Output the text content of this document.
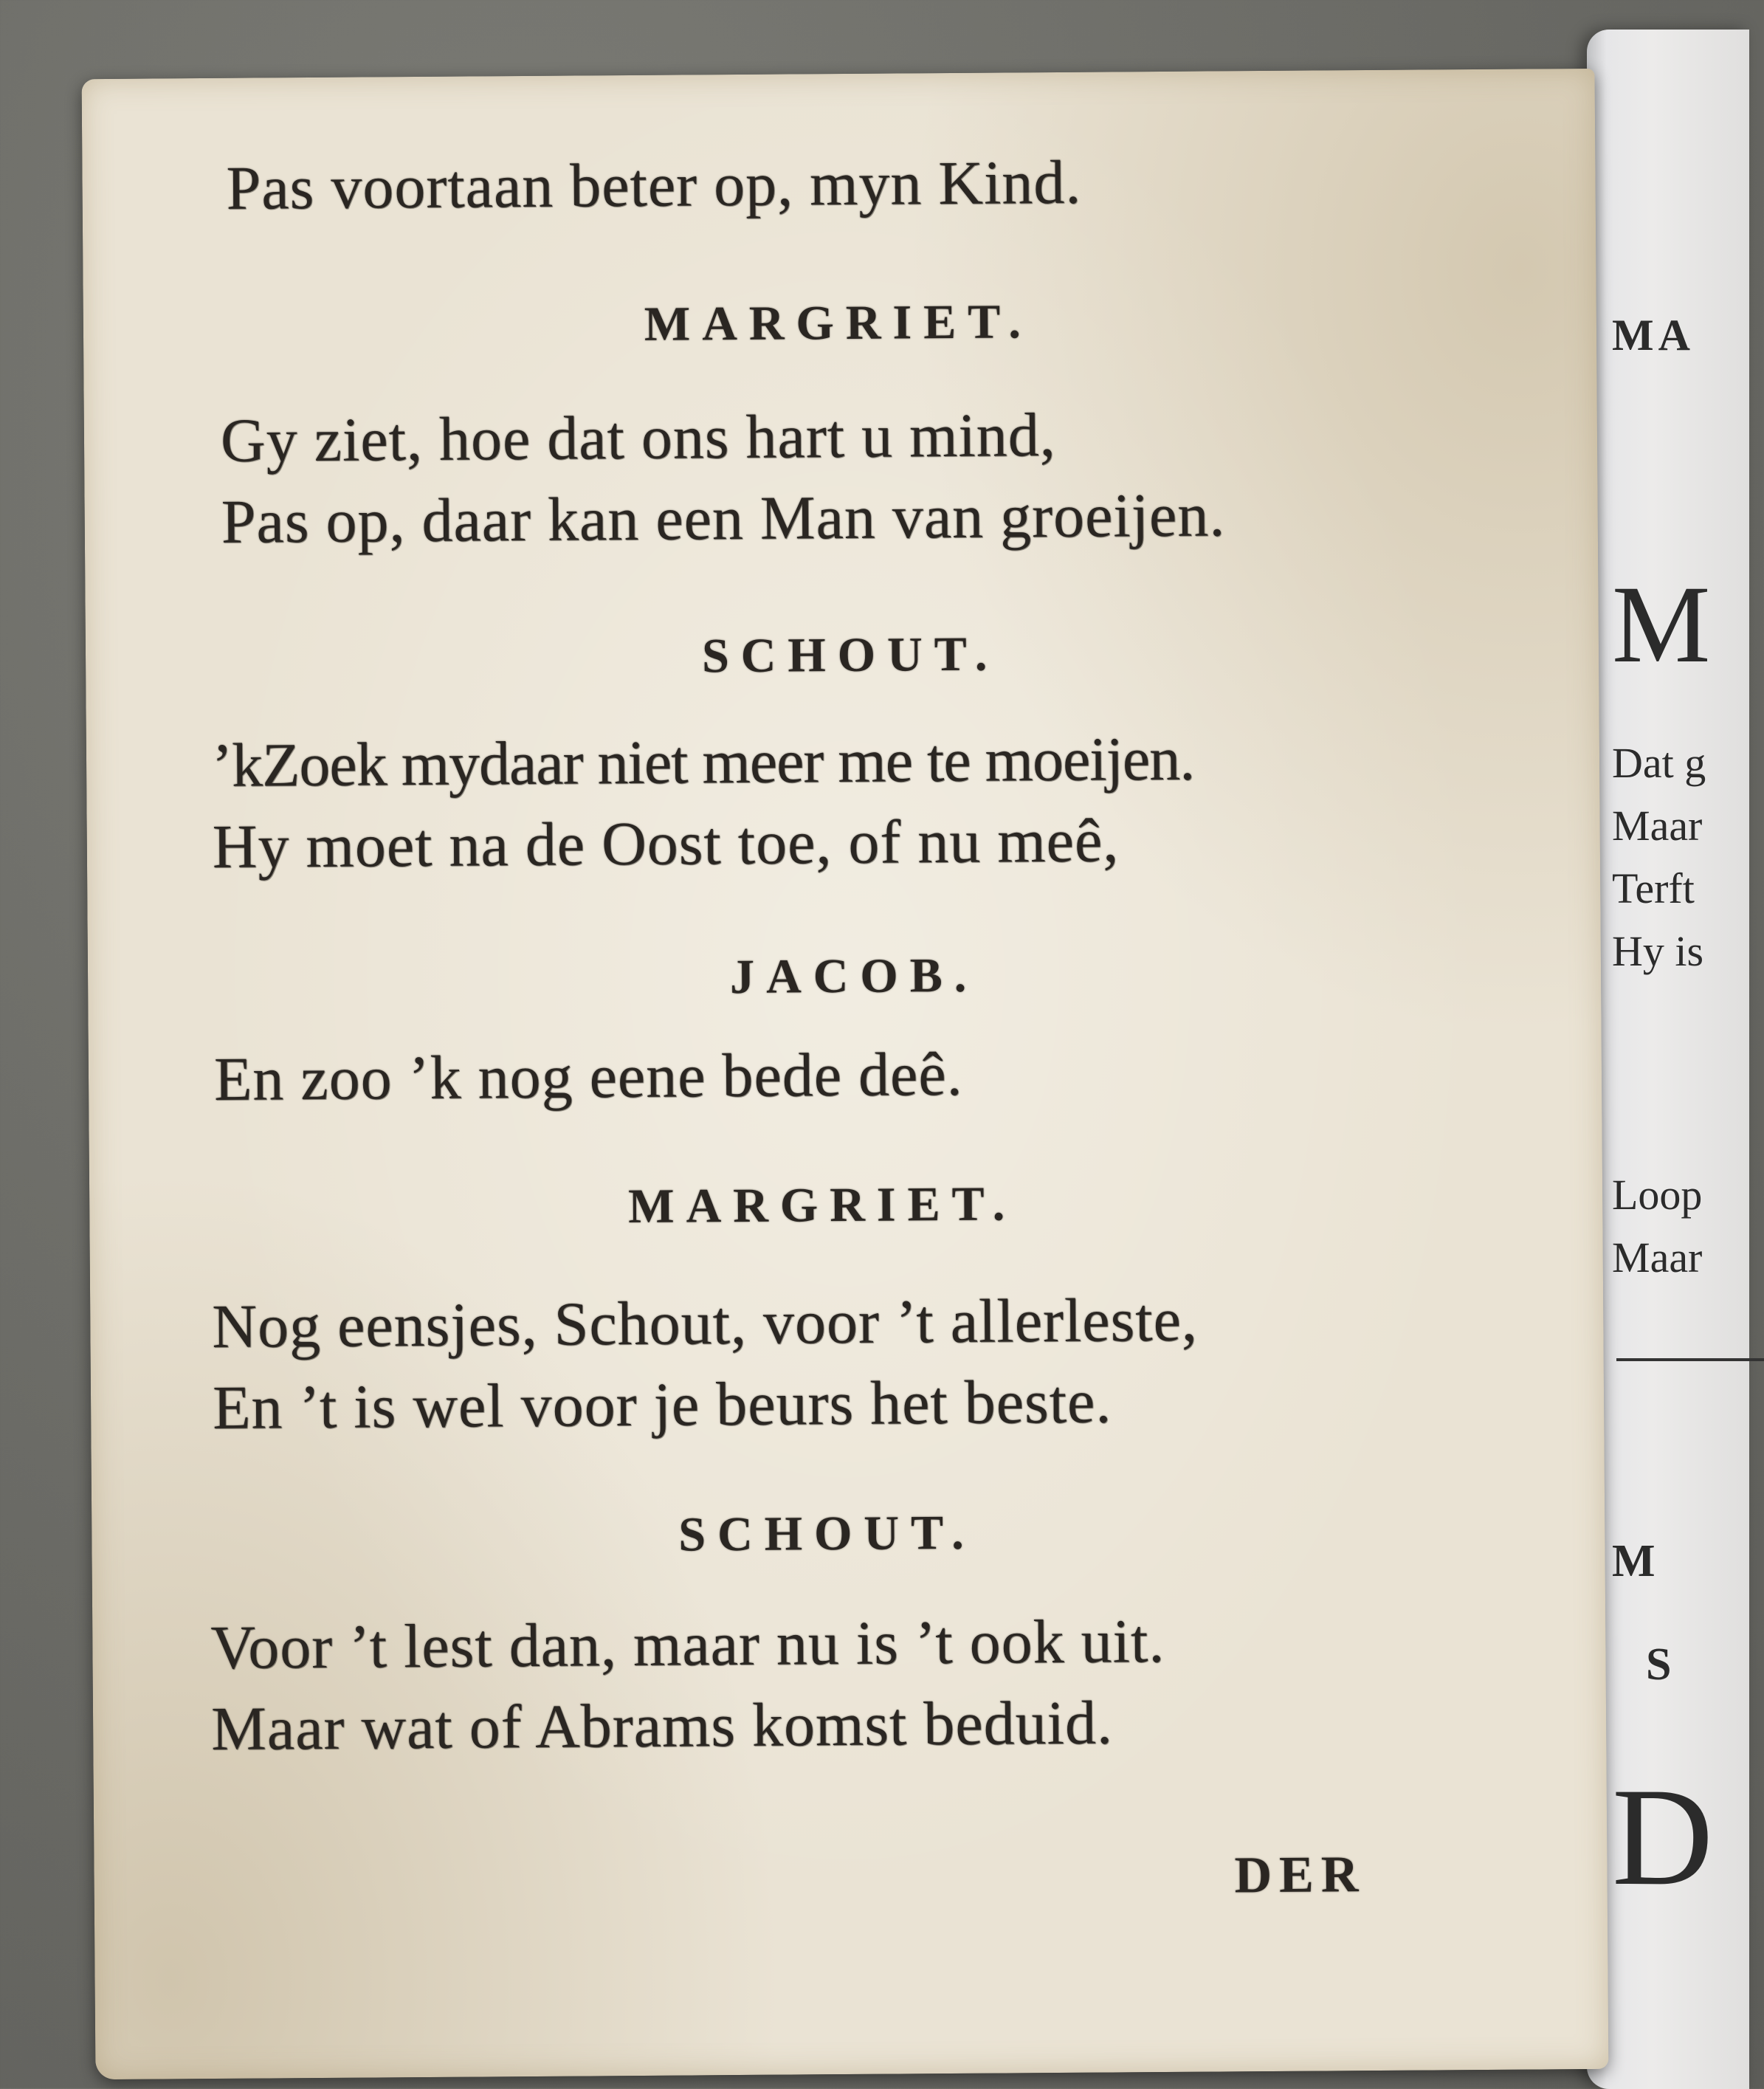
MA
M
Dat g
Maar
Terft
Hy is
Loop
Maar
M
S
D
Pas voortaan beter op, myn Kind.
MARGRIET.
Gy ziet, hoe dat ons hart u mind,
Pas op, daar kan een Man van groeijen.
SCHOUT.
’kZoek mydaar niet meer me te moeijen.
Hy moet na de Oost toe, of nu meê,
JACOB.
En zoo ’k nog eene bede deê.
MARGRIET.
Nog eensjes, Schout, voor ’t allerleste,
En ’t is wel voor je beurs het beste.
SCHOUT.
Voor ’t lest dan, maar nu is ’t ook uit.
Maar wat of Abrams komst beduid.
DER
